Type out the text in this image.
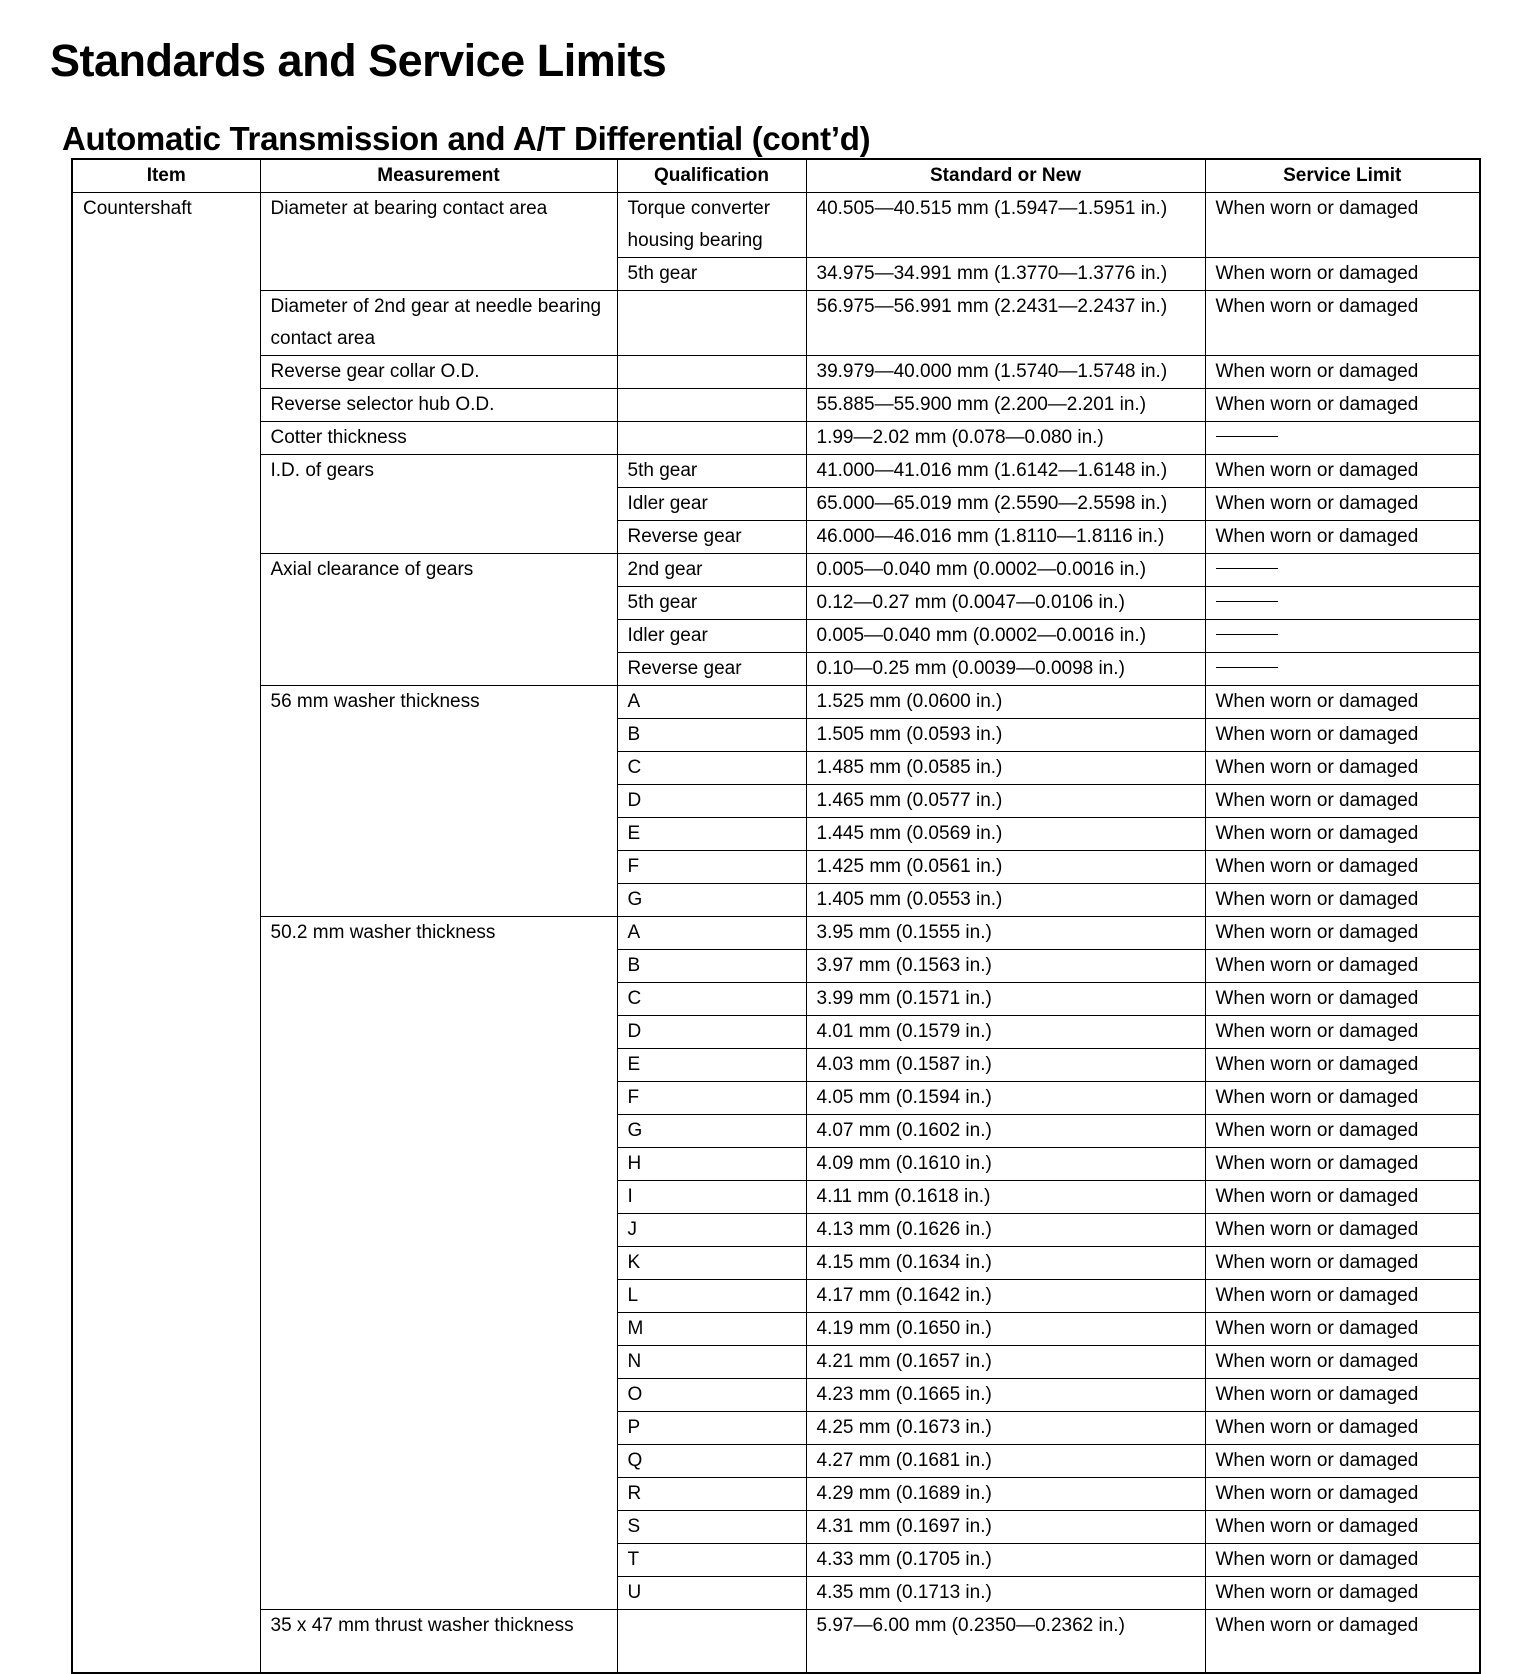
Standards and Service Limits
Automatic Transmission and A/T Differential (cont’d)
Item	Measurement	Qualification	Standard or New	Service Limit
Countershaft	Diameter at bearing contact area	Torque converter housing bearing	40.505—40.515 mm (1.5947—1.5951 in.)	When worn or damaged
		5th gear	34.975—34.991 mm (1.3770—1.3776 in.)	When worn or damaged
	Diameter of 2nd gear at needle bearing contact area		56.975—56.991 mm (2.2431—2.2437 in.)	When worn or damaged
	Reverse gear collar O.D.		39.979—40.000 mm (1.5740—1.5748 in.)	When worn or damaged
	Reverse selector hub O.D.		55.885—55.900 mm (2.200—2.201 in.)	When worn or damaged
	Cotter thickness		1.99—2.02 mm (0.078—0.080 in.)	
	I.D. of gears	5th gear	41.000—41.016 mm (1.6142—1.6148 in.)	When worn or damaged
		Idler gear	65.000—65.019 mm (2.5590—2.5598 in.)	When worn or damaged
		Reverse gear	46.000—46.016 mm (1.8110—1.8116 in.)	When worn or damaged
	Axial clearance of gears	2nd gear	0.005—0.040 mm (0.0002—0.0016 in.)	
		5th gear	0.12—0.27 mm (0.0047—0.0106 in.)	
		Idler gear	0.005—0.040 mm (0.0002—0.0016 in.)	
		Reverse gear	0.10—0.25 mm (0.0039—0.0098 in.)	
	56 mm washer thickness	A	1.525 mm (0.0600 in.)	When worn or damaged
		B	1.505 mm (0.0593 in.)	When worn or damaged
		C	1.485 mm (0.0585 in.)	When worn or damaged
		D	1.465 mm (0.0577 in.)	When worn or damaged
		E	1.445 mm (0.0569 in.)	When worn or damaged
		F	1.425 mm (0.0561 in.)	When worn or damaged
		G	1.405 mm (0.0553 in.)	When worn or damaged
	50.2 mm washer thickness	A	3.95 mm (0.1555 in.)	When worn or damaged
		B	3.97 mm (0.1563 in.)	When worn or damaged
		C	3.99 mm (0.1571 in.)	When worn or damaged
		D	4.01 mm (0.1579 in.)	When worn or damaged
		E	4.03 mm (0.1587 in.)	When worn or damaged
		F	4.05 mm (0.1594 in.)	When worn or damaged
		G	4.07 mm (0.1602 in.)	When worn or damaged
		H	4.09 mm (0.1610 in.)	When worn or damaged
		I	4.11 mm (0.1618 in.)	When worn or damaged
		J	4.13 mm (0.1626 in.)	When worn or damaged
		K	4.15 mm (0.1634 in.)	When worn or damaged
		L	4.17 mm (0.1642 in.)	When worn or damaged
		M	4.19 mm (0.1650 in.)	When worn or damaged
		N	4.21 mm (0.1657 in.)	When worn or damaged
		O	4.23 mm (0.1665 in.)	When worn or damaged
		P	4.25 mm (0.1673 in.)	When worn or damaged
		Q	4.27 mm (0.1681 in.)	When worn or damaged
		R	4.29 mm (0.1689 in.)	When worn or damaged
		S	4.31 mm (0.1697 in.)	When worn or damaged
		T	4.33 mm (0.1705 in.)	When worn or damaged
		U	4.35 mm (0.1713 in.)	When worn or damaged
	35 x 47 mm thrust washer thickness		5.97—6.00 mm (0.2350—0.2362 in.)	When worn or damaged
